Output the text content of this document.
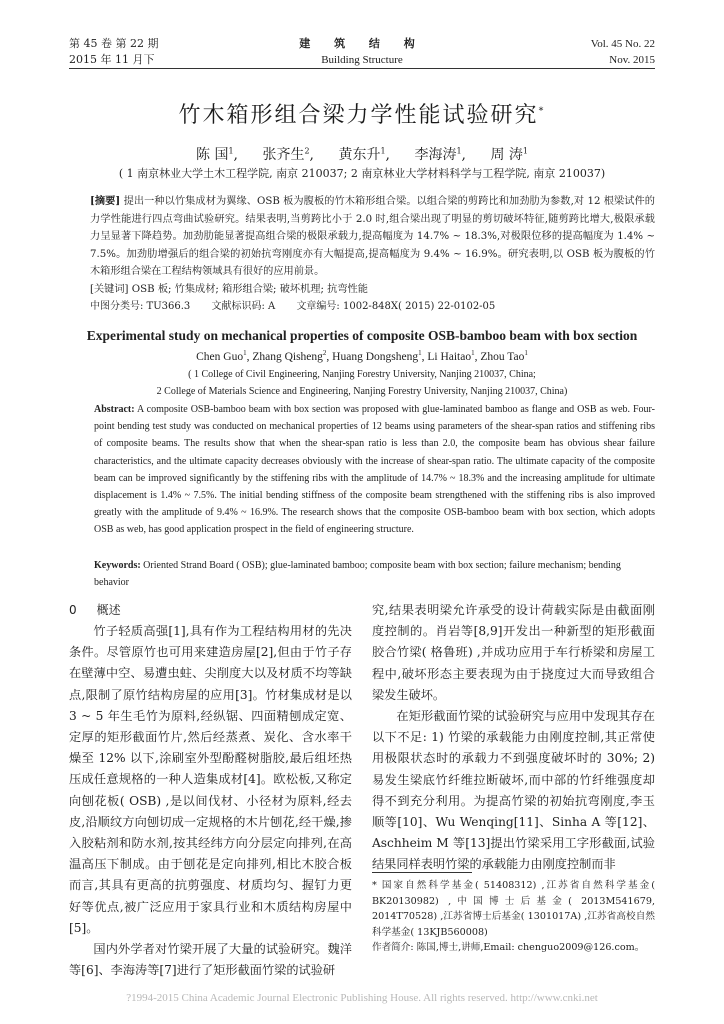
第 45 卷 第 22 期
2015 年 11 月下
建 筑 结 构
Building Structure
Vol. 45 No. 22
Nov. 2015
竹木箱形组合梁力学性能试验研究*
陈 国$^1$, 张齐生$^2$, 黄东升$^1$, 李海涛$^1$, 周 涛$^1$
( 1 南京林业大学土木工程学院, 南京 210037; 2 南京林业大学材料科学与工程学院, 南京 210037)
[摘要] 提出一种以竹集成材为翼缘、OSB 板为腹板的竹木箱形组合梁。以组合梁的剪跨比和加劲肋为参数,对 12 根梁试件的力学性能进行四点弯曲试验研究。结果表明,当剪跨比小于 2.0 时,组合梁出现了明显的剪切破坏特征,随剪跨比增大,极限承载力呈显著下降趋势。加劲肋能显著提高组合梁的极限承载力,提高幅度为 14.7% ~ 18.3%,对极限位移的提高幅度为 1.4% ~ 7.5%。加劲肋增强后的组合梁的初始抗弯刚度亦有大幅提高,提高幅度为 9.4% ~ 16.9%。研究表明,以 OSB 板为腹板的竹木箱形组合梁在工程结构领域具有很好的应用前景。
[关键词] OSB 板; 竹集成材; 箱形组合梁; 破坏机理; 抗弯性能
中图分类号: TU366.3 文献标识码: A 文章编号: 1002-848X( 2015) 22-0102-05
Experimental study on mechanical properties of composite OSB-bamboo beam with box section
Chen Guo$^1$, Zhang Qisheng$^2$, Huang Dongsheng$^1$, Li Haitao$^1$, Zhou Tao$^1$
( 1 College of Civil Engineering, Nanjing Forestry University, Nanjing 210037, China;
2 College of Materials Science and Engineering, Nanjing Forestry University, Nanjing 210037, China)
Abstract: A composite OSB-bamboo beam with box section was proposed with glue-laminated bamboo as flange and OSB as web. Four-point bending test study was conducted on mechanical properties of 12 beams using parameters of the shear-span ratios and stiffening ribs of composite beams. The results show that when the shear-span ratio is less than 2.0, the composite beam has obvious shear failure characteristics, and the ultimate capacity decreases obviously with the increase of shear-span ratio. The ultimate capacity of the composite beam can be improved significantly by the stiffening ribs with the amplitude of 14.7% ~ 18.3% and the increasing amplitude for ultimate displacement is 1.4% ~ 7.5%. The initial bending stiffness of the composite beam strengthened with the stiffening ribs is also improved greatly with the amplitude of 9.4% ~ 16.9%. The research shows that the composite OSB-bamboo beam with box section, which adopts OSB as web, has good application prospect in the field of engineering structure.
Keywords: Oriented Strand Board ( OSB); glue-laminated bamboo; composite beam with box section; failure mechanism; bending behavior
0 概述

竹子轻质高强[1],具有作为工程结构用材的先决条件。尽管原竹也可用来建造房屋[2],但由于竹子存在壁薄中空、易遭虫蛀、尖削度大以及材质不均等缺点,限制了原竹结构房屋的应用[3]。竹材集成材是以 3 ~ 5 年生毛竹为原料,经纵锯、四面精刨成定宽、定厚的矩形截面竹片,然后经蒸煮、炭化、含水率干燥至 12% 以下,涂刷室外型酚醛树脂胶,最后组坯热压成任意规格的一种人造集成材[4]。欧松板,又称定向刨花板( OSB) ,是以间伐材、小径材为原料,经去皮,沿顺纹方向刨切成一定规格的木片刨花,经干燥,掺入胶粘剂和防水剂,按其经纬方向分层定向排列,在高温高压下制成。由于刨花是定向排列,相比木胶合板而言,其具有更高的抗剪强度、材质均匀、握钉力更好等优点,被广泛应用于家具行业和木质结构房屋中[5]。

国内外学者对竹梁开展了大量的试验研究。魏洋等[6]、李海涛等[7]进行了矩形截面竹梁的试验研

究,结果表明梁允许承受的设计荷载实际是由截面刚度控制的。肖岩等[8,9]开发出一种新型的矩形截面胶合竹梁( 格鲁班) ,并成功应用于车行桥梁和房屋工程中,破坏形态主要表现为由于挠度过大而导致组合梁发生破坏。

在矩形截面竹梁的试验研究与应用中发现其存在以下不足: 1) 竹梁的承载能力由刚度控制,其正常使用极限状态时的承载力不到强度破坏时的 30%; 2) 易发生梁底竹纤维拉断破坏,而中部的竹纤维强度却得不到充分利用。为提高竹梁的初始抗弯刚度,李玉顺等[10]、Wu Wenqing[11]、Sinha A 等[12]、Aschheim M 等[13]提出竹梁采用工字形截面,试验结果同样表明竹梁的承载能力由刚度控制而非

* 国家自然科学基金( 51408312) ,江苏省自然科学基金( BK20130982) ,中国博士后基金( 2013M541679, 2014T70528) ,江苏省博士后基金( 1301017A) ,江苏省高校自然科学基金( 13KJB560008)

作者简介: 陈国,博士,讲师,Email: chenguo2009@126.com。

?1994-2015 China Academic Journal Electronic Publishing House. All rights reserved. http://www.cnki.net
